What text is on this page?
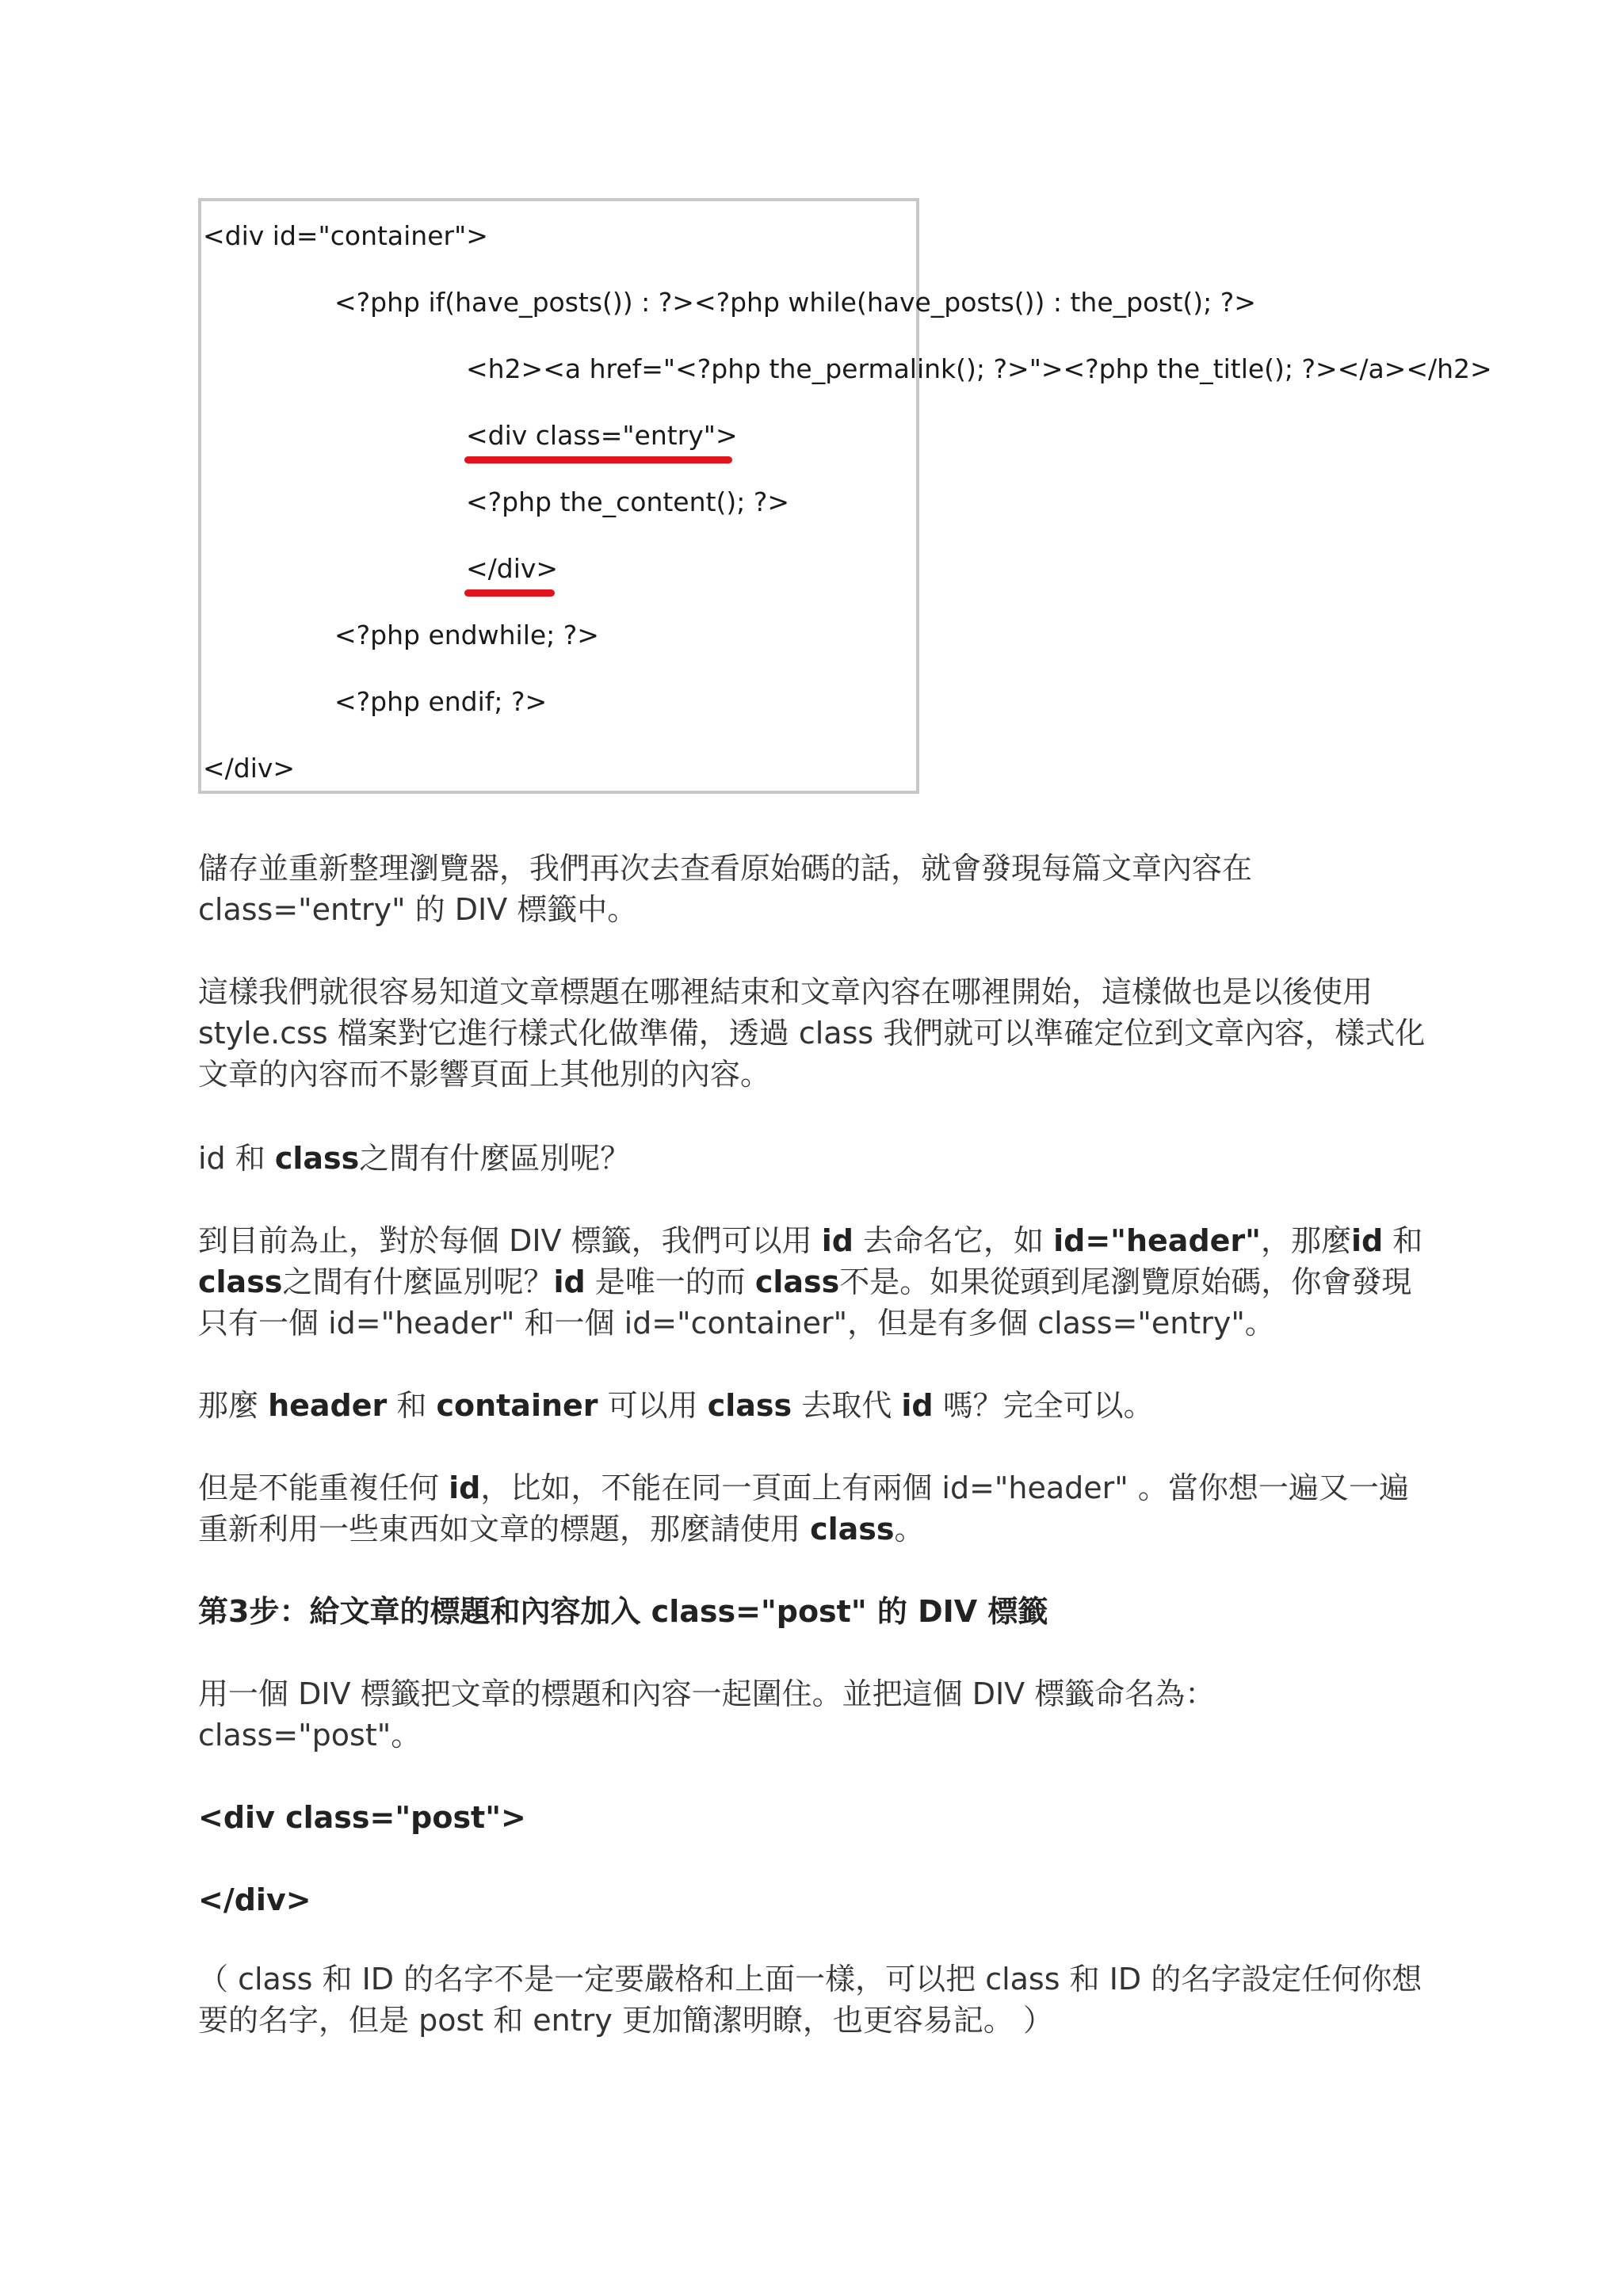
<div id="container">
<?php if(have_posts()) : ?><?php while(have_posts()) : the_post(); ?>
<h2><a href="<?php the_permalink(); ?>"><?php the_title(); ?></a></h2>
<div class="entry">
<?php the_content(); ?>
</div>
<?php endwhile; ?>
<?php endif; ?>
</div>

儲存並重新整理瀏覽器，我們再次去查看原始碼的話，就會發現每篇文章內容在 class="entry" 的 DIV 標籤中。

這樣我們就很容易知道文章標題在哪裡結束和文章內容在哪裡開始，這樣做也是以後使用style.css 檔案對它進行樣式化做準備，透過 class 我們就可以準確定位到文章內容，樣式化文章的內容而不影響頁面上其他別的內容。

id 和 class之間有什麼區別呢？

到目前為止，對於每個 DIV 標籤，我們可以用 id 去命名它，如 id="header"，那麼id 和 class之間有什麼區別呢？id 是唯一的而 class不是。如果從頭到尾瀏覽原始碼，你會發現只有一個 id="header" 和一個 id="container"，但是有多個 class="entry"。

那麼 header 和 container 可以用 class 去取代 id 嗎？完全可以。

但是不能重複任何 id，比如，不能在同一頁面上有兩個 id="header" 。當你想一遍又一遍重新利用一些東西如文章的標題，那麼請使用 class。

第3步：給文章的標題和內容加入 class="post" 的 DIV 標籤

用一個 DIV 標籤把文章的標題和內容一起圍住。並把這個 DIV 標籤命名為：class="post"。

<div class="post">

</div>

（ class 和 ID 的名字不是一定要嚴格和上面一樣，可以把 class 和 ID 的名字設定任何你想要的名字，但是 post 和 entry 更加簡潔明瞭，也更容易記。 ）
